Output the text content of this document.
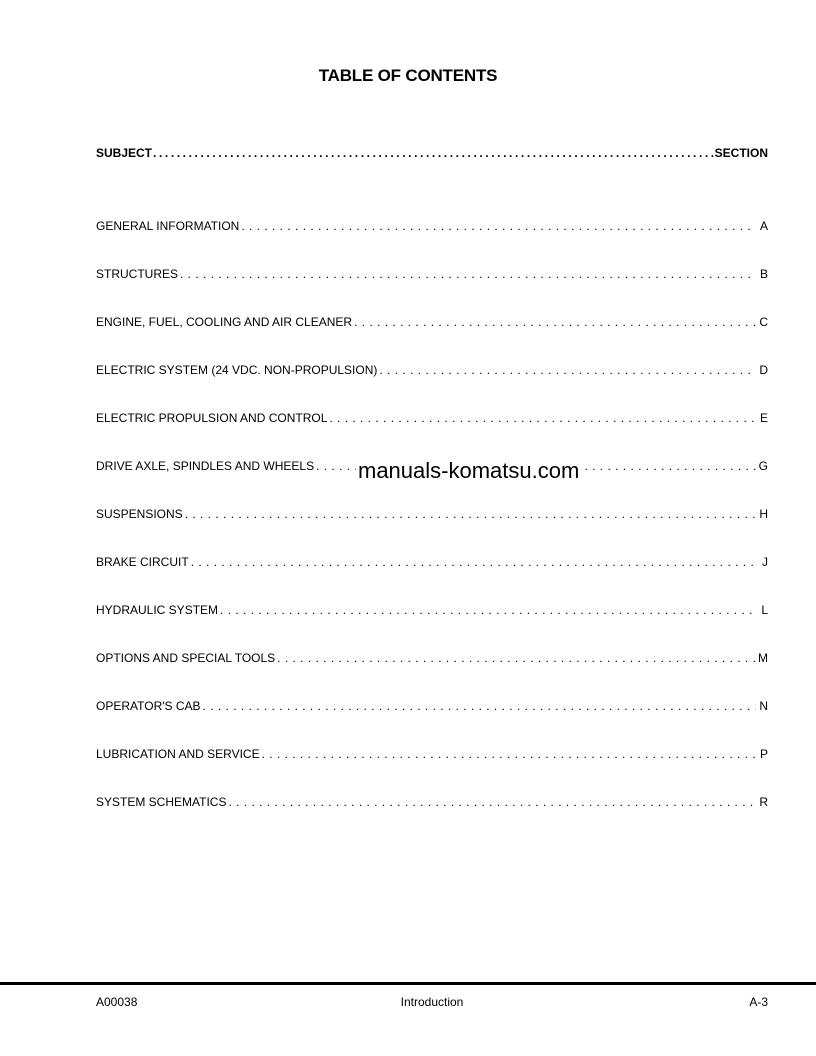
TABLE OF CONTENTS
SUBJECT .....	SECTION
GENERAL INFORMATION . . .	A
STRUCTURES . . .	B
ENGINE, FUEL, COOLING AND AIR CLEANER . . .	C
ELECTRIC SYSTEM (24 VDC. NON-PROPULSION) . . .	D
ELECTRIC PROPULSION AND CONTROL . . .	E
DRIVE AXLE, SPINDLES AND WHEELS . . .	G
SUSPENSIONS . . .	H
BRAKE CIRCUIT . . .	J
HYDRAULIC SYSTEM . . .	L
OPTIONS AND SPECIAL TOOLS . . .	M
OPERATOR'S CAB . . .	N
LUBRICATION AND SERVICE . . .	P
SYSTEM SCHEMATICS . . .	R
manuals-komatsu.com
Introduction
A00038	A-3
